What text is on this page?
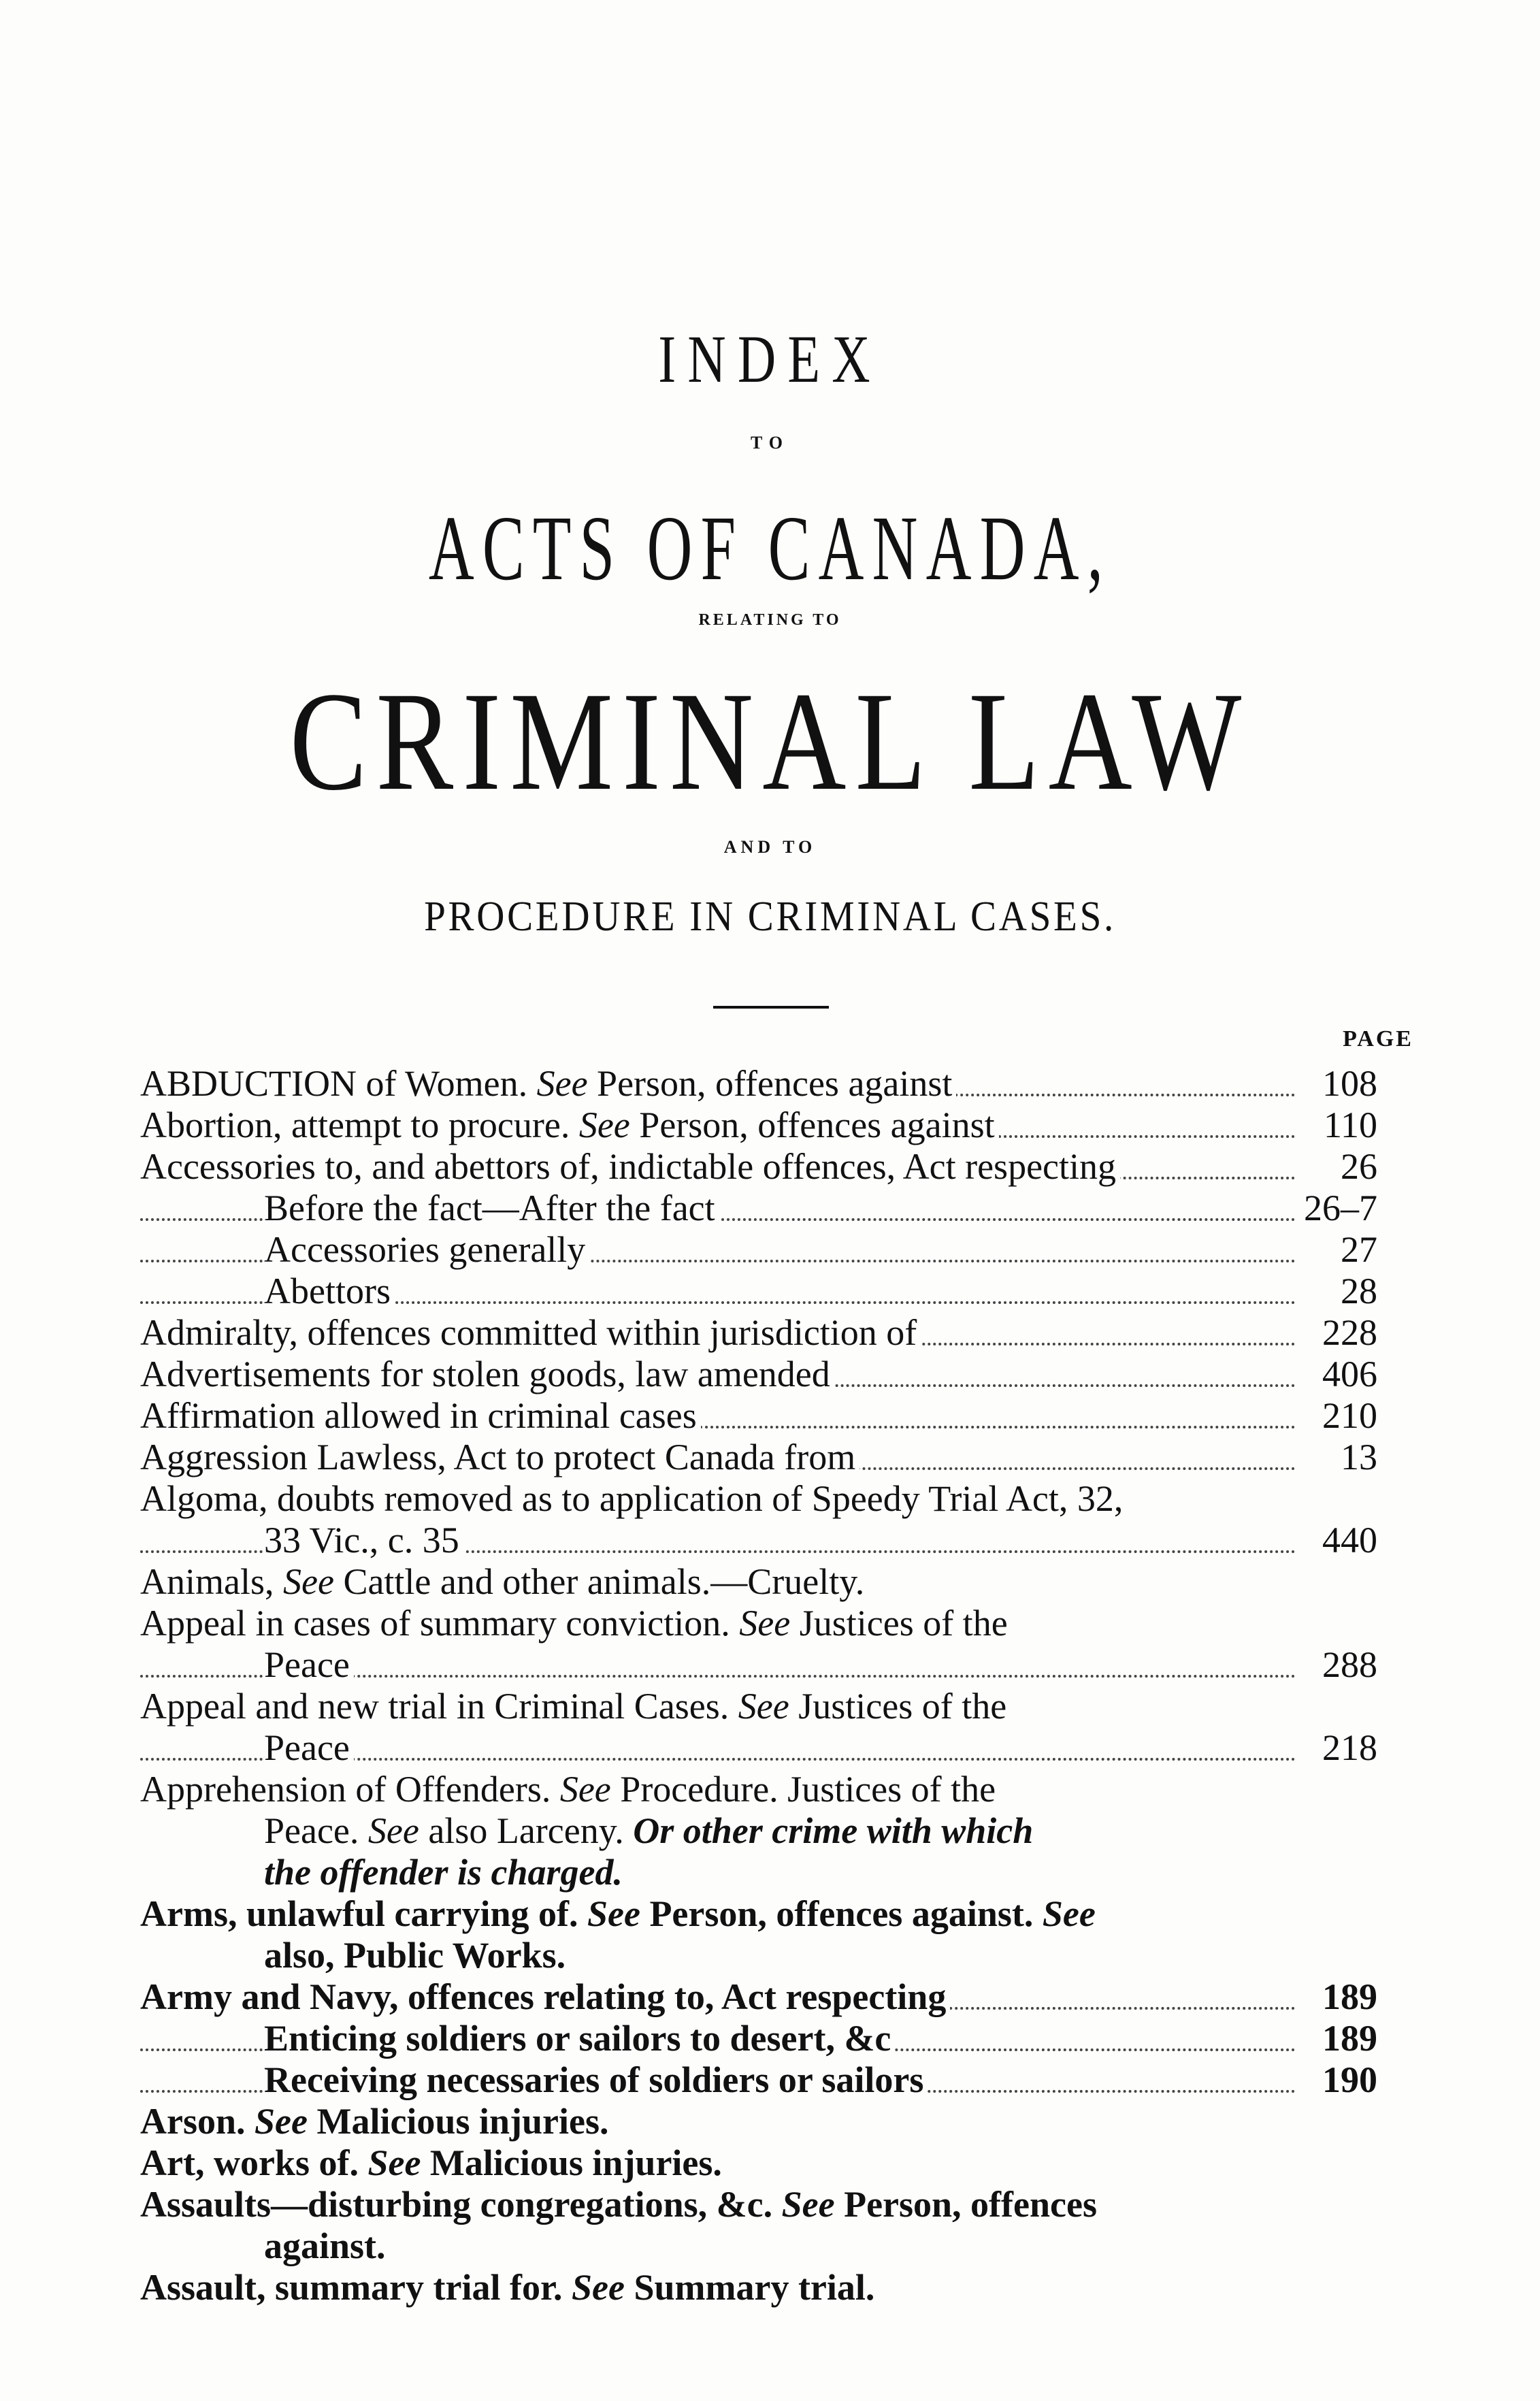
INDEX
TO
ACTS OF CANADA,
RELATING TO
CRIMINAL LAW
AND TO
PROCEDURE IN CRIMINAL CASES.
PAGE
ABDUCTION of Women. See Person, offences against	108
Abortion, attempt to procure. See Person, offences against	110
Accessories to, and abettors of, indictable offences, Act respecting	26
Before the fact—After the fact	26–7
Accessories generally	27
Abettors	28
Admiralty, offences committed within jurisdiction of	228
Advertisements for stolen goods, law amended	406
Affirmation allowed in criminal cases	210
Aggression Lawless, Act to protect Canada from	13
Algoma, doubts removed as to application of Speedy Trial Act, 32,
33 Vic., c. 35	440
Animals, See Cattle and other animals.—Cruelty.
Appeal in cases of summary conviction. See Justices of the
Peace	288
Appeal and new trial in Criminal Cases. See Justices of the
Peace	218
Apprehension of Offenders. See Procedure. Justices of the
Peace. See also Larceny. Or other crime with which
the offender is charged.
Arms, unlawful carrying of. See Person, offences against. See
also, Public Works.
Army and Navy, offences relating to, Act respecting	189
Enticing soldiers or sailors to desert, &c	189
Receiving necessaries of soldiers or sailors	190
Arson. See Malicious injuries.
Art, works of. See Malicious injuries.
Assaults—disturbing congregations, &c. See Person, offences
against.
Assault, summary trial for. See Summary trial.
